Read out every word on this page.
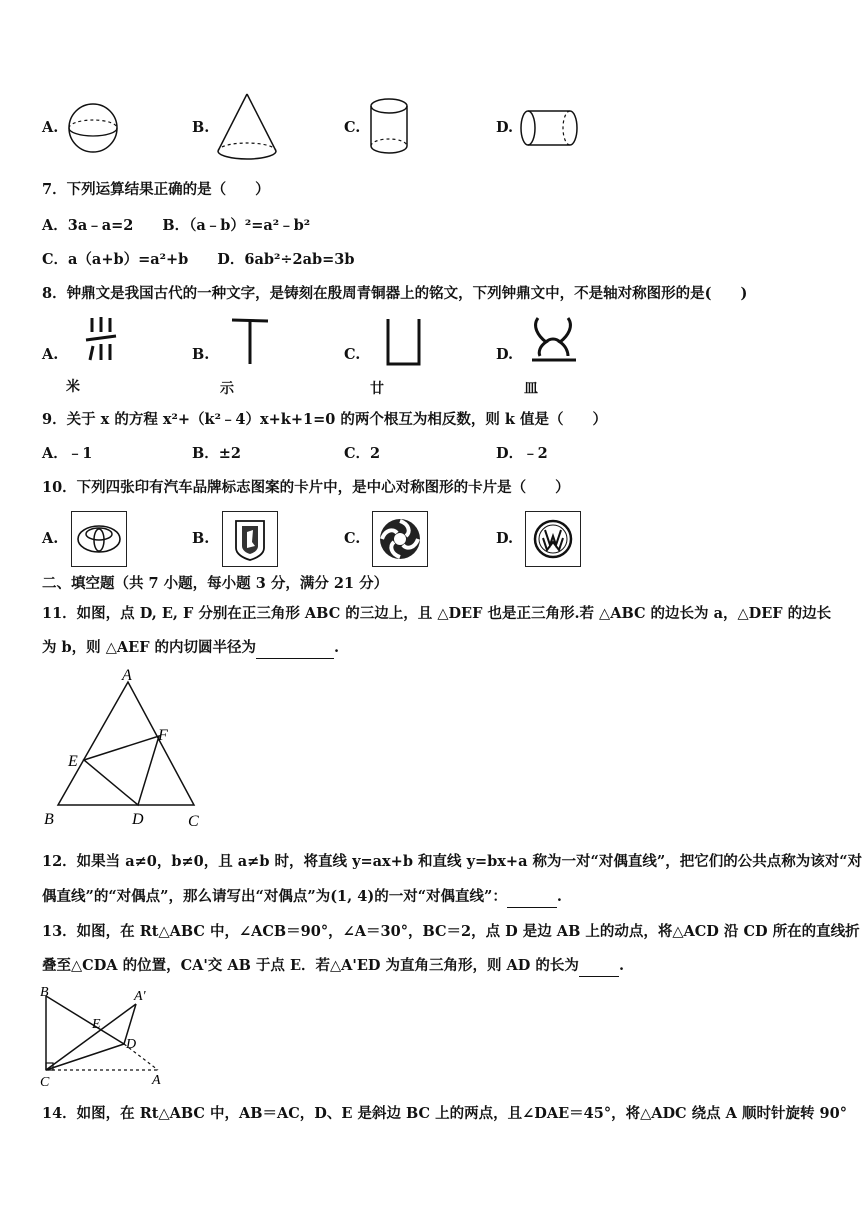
A.	B.	C.	D.
7．下列运算结果正确的是（　　）
A．3a﹣a=2　　B．（a﹣b）²=a²﹣b²
C．a（a+b）=a²+b　　D．6ab²÷2ab=3b
8．钟鼎文是我国古代的一种文字，是铸刻在殷周青铜器上的铭文，下列钟鼎文中，不是轴对称图形的是(　　)
A.
米
B.
示
C.
廿
D.
皿
9．关于 x 的方程 x²+（k²﹣4）x+k+1=0 的两个根互为相反数，则 k 值是（　　）
A．﹣1	B．±2	C．2	D．﹣2
10．下列四张印有汽车品牌标志图案的卡片中，是中心对称图形的卡片是（　　）
A.	B.	C.	D.
二、填空题（共 7 小题，每小题 3 分，满分 21 分）
11．如图，点 D, E, F 分别在正三角形 ABC 的三边上，且 △DEF 也是正三角形.若 △ABC 的边长为 a，△DEF 的边长
为 b，则 △AEF 的内切圆半径为	.
A
F
E
B	D	C
12．如果当 a≠0，b≠0，且 a≠b 时，将直线 y=ax+b 和直线 y=bx+a 称为一对“对偶直线”，把它们的公共点称为该对“对
偶直线”的“对偶点”，那么请写出“对偶点”为(1, 4)的一对“对偶直线”：	.
13．如图，在 Rt△ABC 中，∠ACB＝90°，∠A＝30°，BC＝2，点 D 是边 AB 上的动点，将△ACD 沿 CD 所在的直线折
叠至△CDA 的位置，CA'交 AB 于点 E．若△A'ED 为直角三角形，则 AD 的长为	.
B	A'
E
D
C	A
14．如图，在 Rt△ABC 中，AB＝AC，D、E 是斜边 BC 上的两点，且∠DAE＝45°，将△ADC 绕点 A 顺时针旋转 90°
